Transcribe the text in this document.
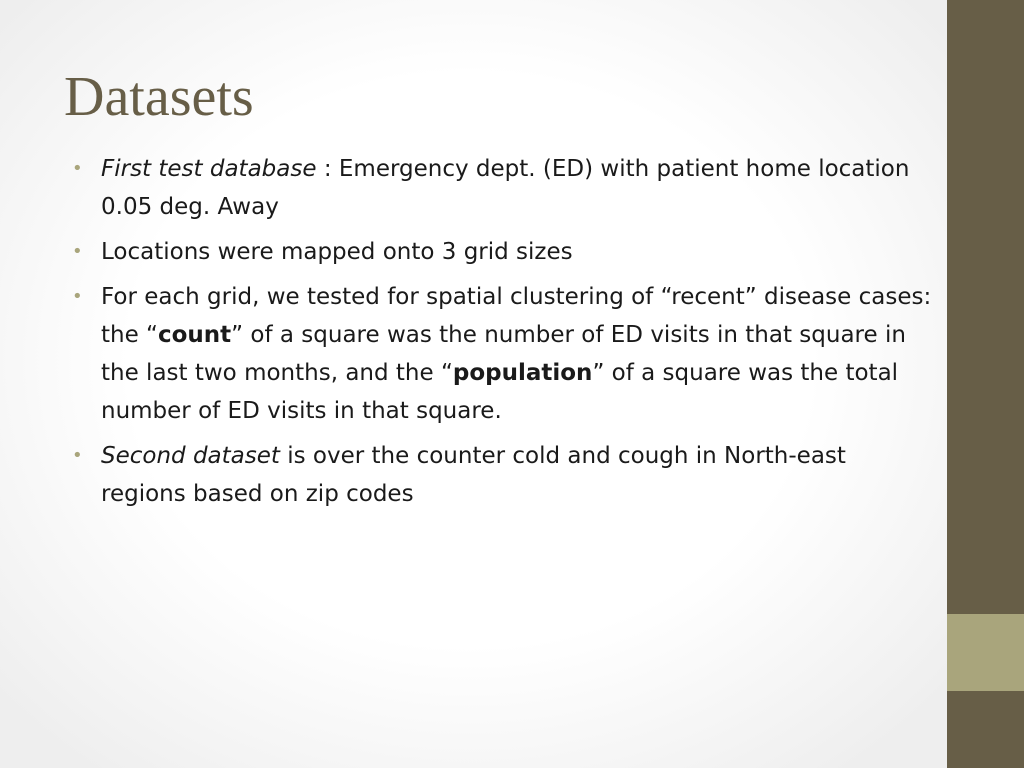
Datasets
• First test database : Emergency dept. (ED) with patient home location 0.05 deg. Away
• Locations were mapped onto 3 grid sizes
• For each grid, we tested for spatial clustering of “recent” disease cases: the “count” of a square was the number of ED visits in that square in the last two months, and the “population” of a square was the total number of ED visits in that square.
• Second dataset is over the counter cold and cough in North-east regions based on zip codes
